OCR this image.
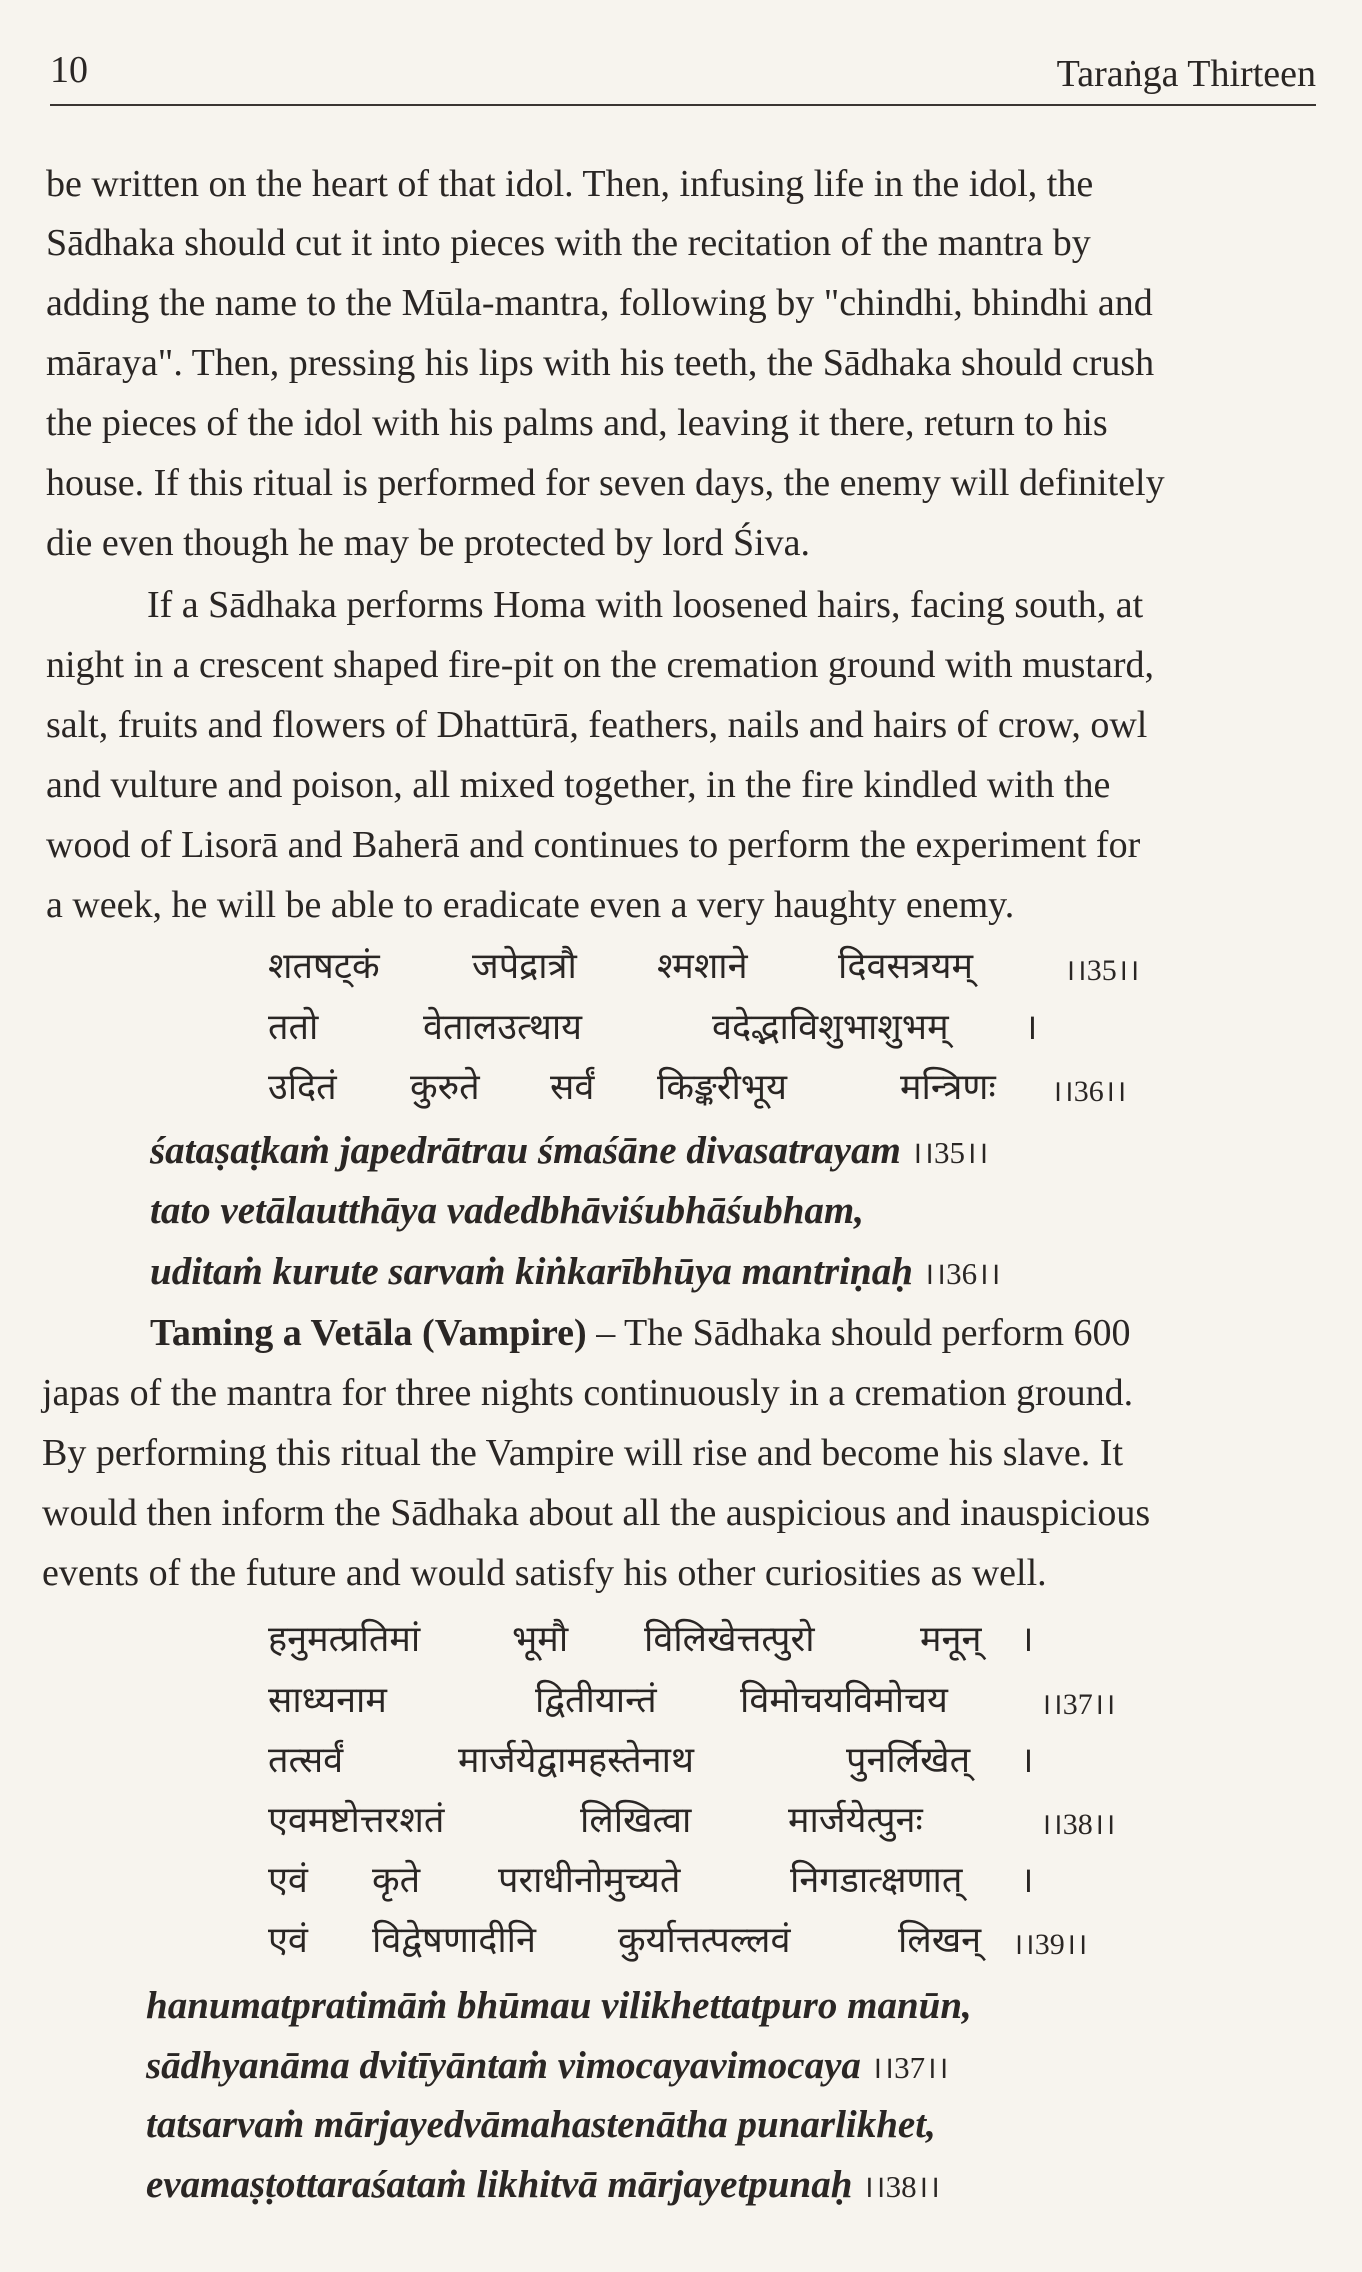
10	Taraṅga Thirteen
be written on the heart of that idol. Then, infusing life in the idol, the
Sādhaka should cut it into pieces with the recitation of the mantra by
adding the name to the Mūla-mantra, following by "chindhi, bhindhi and
māraya". Then, pressing his lips with his teeth, the Sādhaka should crush
the pieces of the idol with his palms and, leaving it there, return to his
house. If this ritual is performed for seven days, the enemy will definitely
die even though he may be protected by lord Śiva.
If a Sādhaka performs Homa with loosened hairs, facing south, at
night in a crescent shaped fire-pit on the cremation ground with mustard,
salt, fruits and flowers of Dhattūrā, feathers, nails and hairs of crow, owl
and vulture and poison, all mixed together, in the fire kindled with the
wood of Lisorā and Baherā and continues to perform the experiment for
a week, he will be able to eradicate even a very haughty enemy.
शतषट्कं	जपेद्रात्रौ श्मशाने	दिवसत्रयम्	।।35।।
ततो	वेतालउत्थाय	वदेद्भाविशुभाशुभम् ।
उदितं कुरुते सर्वं किङ्करीभूय	मन्त्रिणः ।।36।।
śataṣaṭkaṁ japedrātrau śmaśāne divasatrayam ।।35।।
tato vetālautthāya vadedbhāviśubhāśubham,
uditaṁ kurute sarvaṁ kiṅkarībhūya mantriṇaḥ ।।36।।
Taming a Vetāla (Vampire) – The Sādhaka should perform 600
japas of the mantra for three nights continuously in a cremation ground.
By performing this ritual the Vampire will rise and become his slave. It
would then inform the Sādhaka about all the auspicious and inauspicious
events of the future and would satisfy his other curiosities as well.
हनुमत्प्रतिमां	भूमौ विलिखेत्तत्पुरो	मनून् ।
साध्यनाम	द्वितीयान्तं विमोचयविमोचय	।।37।।
तत्सर्वं	मार्जयेद्वामहस्तेनाथ	पुनर्लिखेत् ।
एवमष्टोत्तरशतं	लिखित्वा	मार्जयेत्पुनः	।।38।।
एवं कृते पराधीनोमुच्यते	निगडात्क्षणात् ।
एवं विद्वेषणादीनि कुर्यात्तत्पल्लवं	लिखन् ।।39।।
hanumatpratimāṁ bhūmau vilikhettatpuro manūn,
sādhyanāma dvitīyāntaṁ vimocayavimocaya ।।37।।
tatsarvaṁ mārjayedvāmahastenātha punarlikhet,
evamaṣṭottaraśataṁ likhitvā mārjayetpunaḥ ।।38।।
